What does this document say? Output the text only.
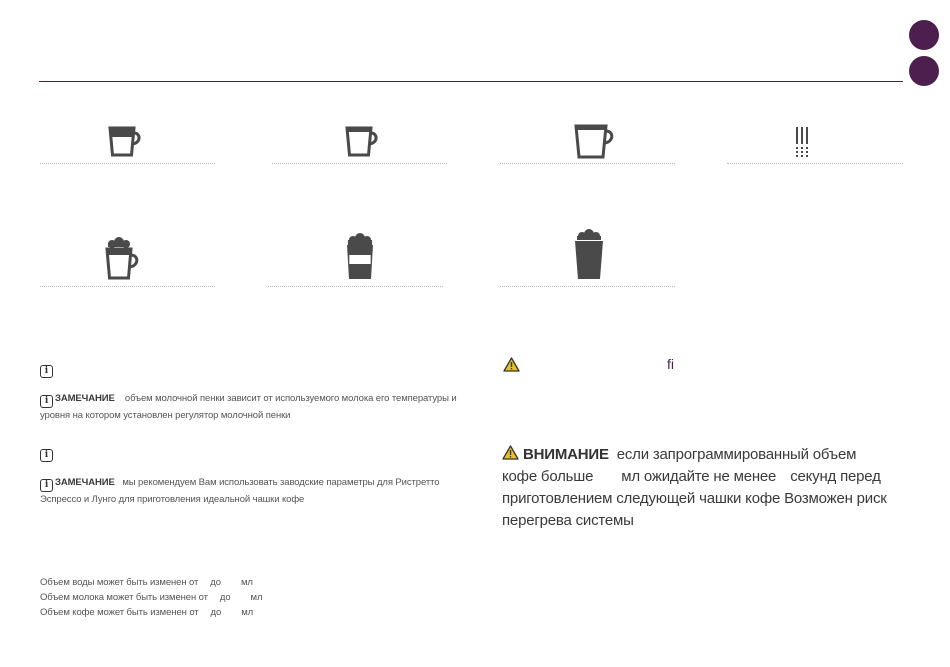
i
i ЗАМЕЧАНИЕ объем молочной пенки зависит от используемого молока его температуры и
уровня на котором установлен регулятор молочной пенки
i
i ЗАМЕЧАНИЕ мы рекомендуем Вам использовать заводские параметры для Ристретто
Эспрессо и Лунго для приготовления идеальной чашки кофе
Объем воды может быть изменен от до мл
Объем молока может быть изменен от до мл
Объем кофе может быть изменен от до мл
ﬁ
ВНИМАНИЕ если запрограммированный объем
кофе больше мл ожидайте не менее секунд перед
приготовлением следующей чашки кофе Возможен риск
перегрева системы
